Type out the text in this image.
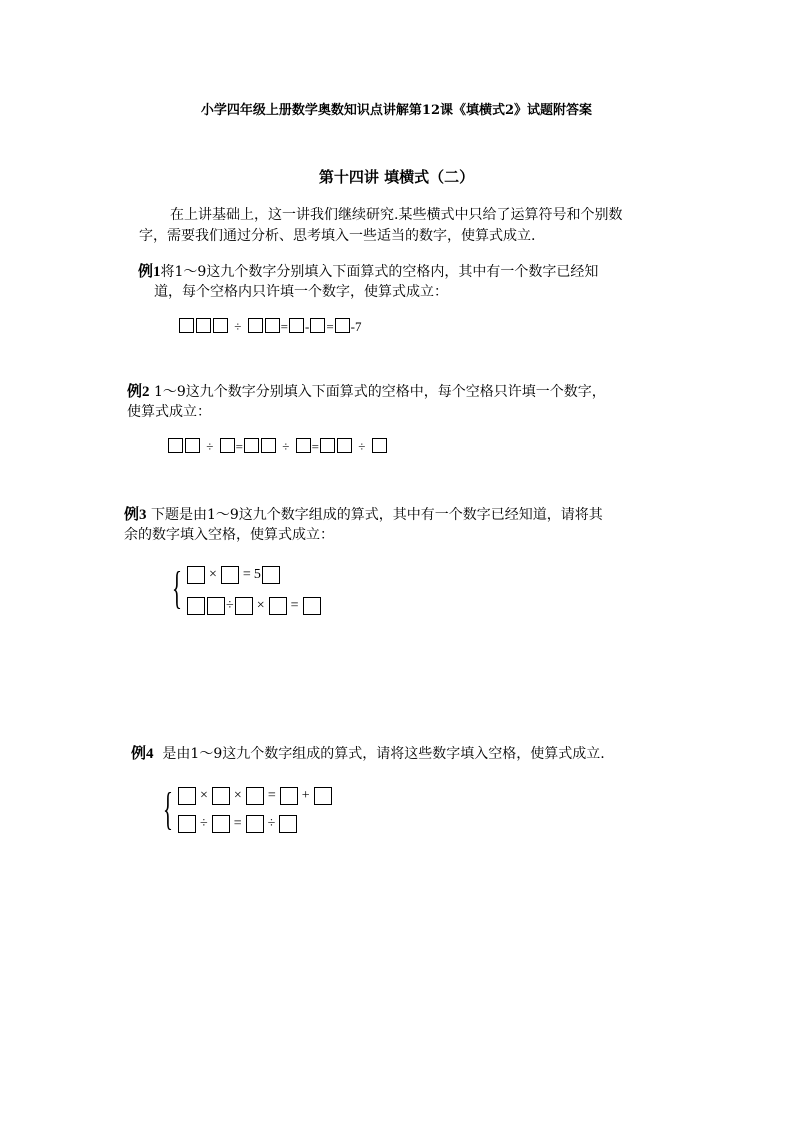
小学四年级上册数学奥数知识点讲解第12课《填横式2》试题附答案
第十四讲 填横式（二）
在上讲基础上，这一讲我们继续研究.某些横式中只给了运算符号和个别数
字，需要我们通过分析、思考填入一些适当的数字，使算式成立.
例1将1～9这九个数字分别填入下面算式的空格内，其中有一个数字已经知
道，每个空格内只许填一个数字，使算式成立：
÷	= - = -7
例2 1～9这九个数字分别填入下面算式的空格中，每个空格只许填一个数字，
使算式成立：
÷ =	÷ =	÷
例3 下题是由1～9这九个数字组成的算式，其中有一个数字已经知道，请将其
余的数字填入空格，使算式成立：
{ × = 5
÷ × =
例4 是由1～9这九个数字组成的算式，请将这些数字填入空格，使算式成立.
{ × × = +
÷ = ÷
